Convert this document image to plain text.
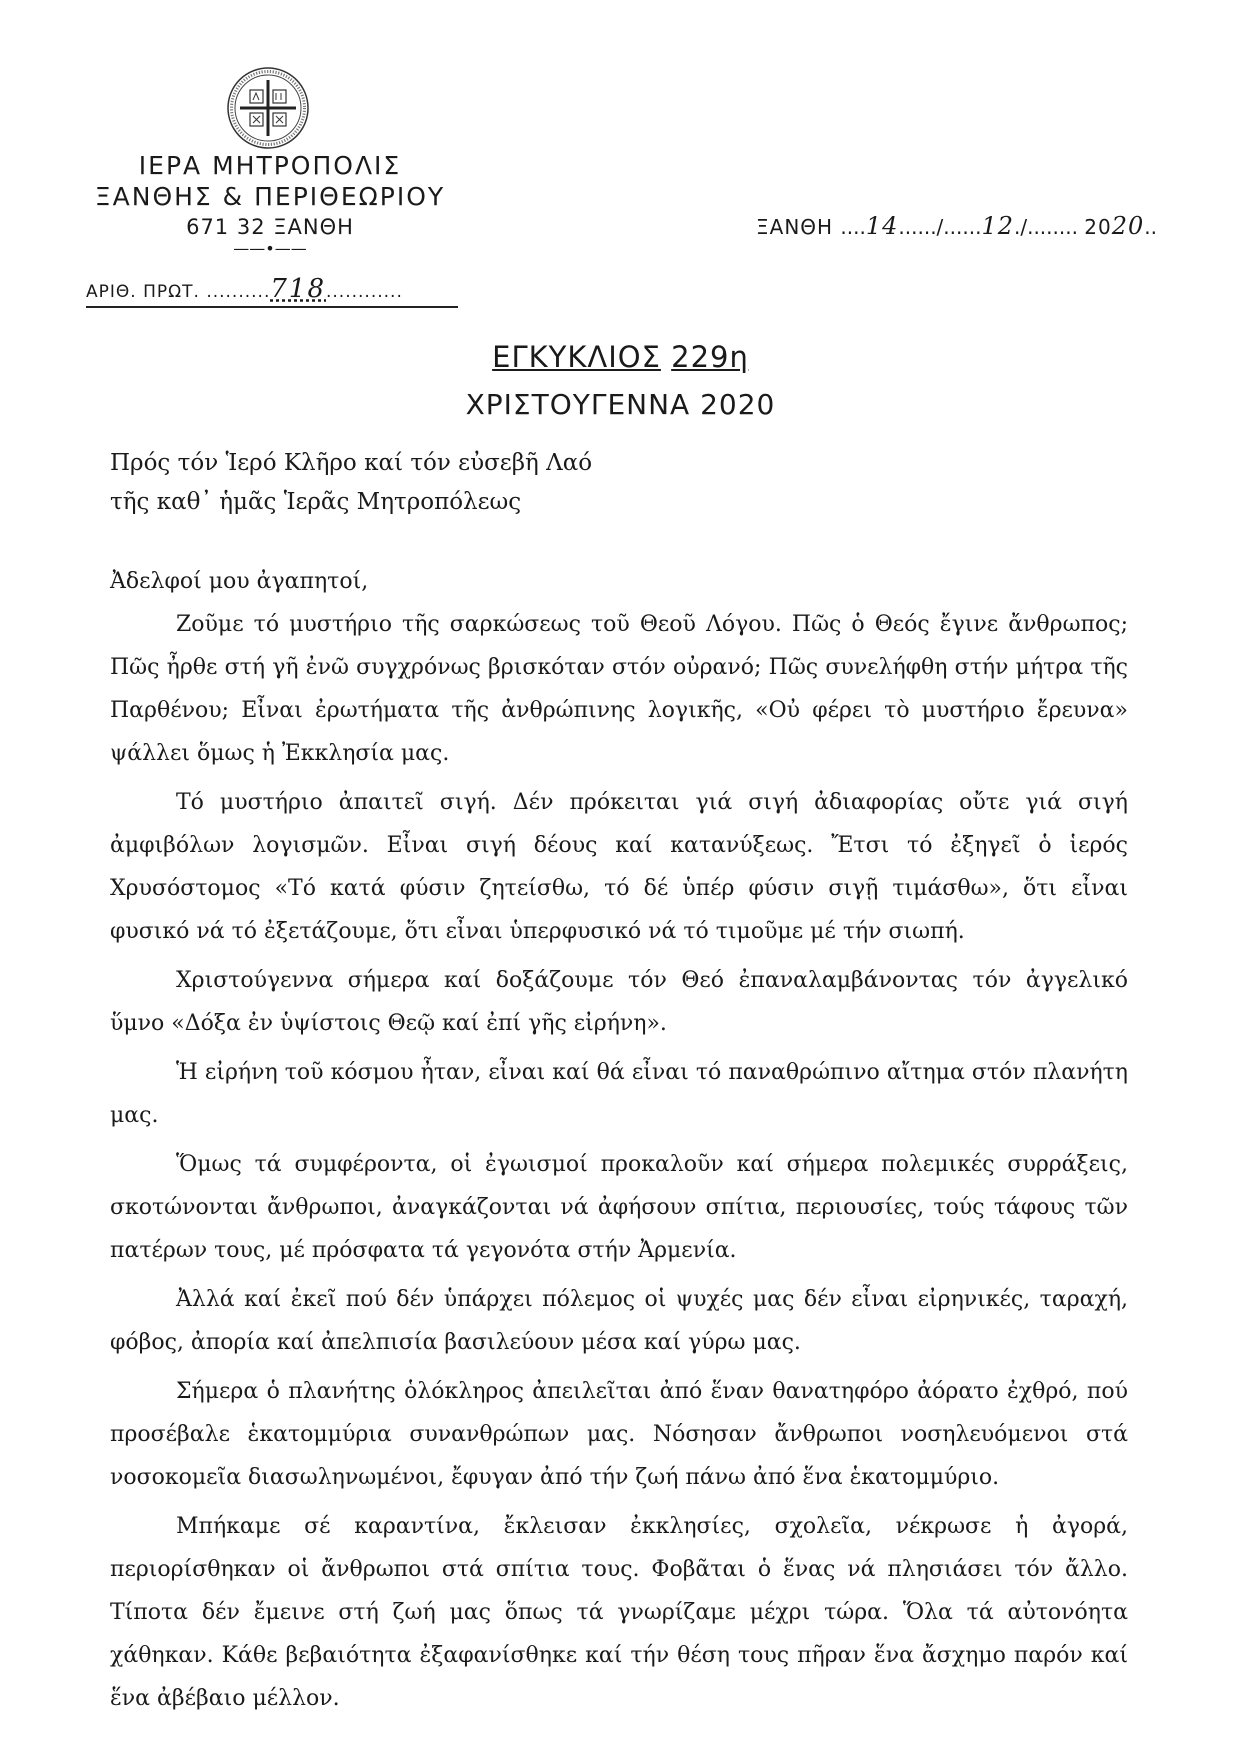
ΙΕΡΑ ΜΗΤΡΟΠΟΛΙΣ
ΞΑΝΘΗΣ & ΠΕΡΙΘΕΩΡΙΟΥ
671 32 ΞΑΝΘΗ
——•——
ΑΡΙΘ. ΠΡΩΤ. ..........718............
ΞΑΝΘΗ ....14....../......12./........ 2020..
ΕΓΚΥΚΛΙΟΣ 229η
ΧΡΙΣΤΟΥΓΕΝΝΑ 2020
Πρός τόν Ἱερό Κλῆρο καί τόν εὐσεβῆ Λαό
τῆς καθ᾽ ἡμᾶς Ἱερᾶς Μητροπόλεως

Ἀδελφοί μου ἀγαπητοί,

Ζοῦμε τό μυστήριο τῆς σαρκώσεως τοῦ Θεοῦ Λόγου. Πῶς ὁ Θεός ἔγινε ἄνθρωπος; Πῶς ἦρθε στή γῆ ἐνῶ συγχρόνως βρισκόταν στόν οὐρανό; Πῶς συνελήφθη στήν μήτρα τῆς Παρθένου; Εἶναι ἐρωτήματα τῆς ἀνθρώπινης λογικῆς, «Οὐ φέρει τὸ μυστήριο ἔρευνα» ψάλλει ὅμως ἡ Ἐκκλησία μας.

Τό μυστήριο ἀπαιτεῖ σιγή. Δέν πρόκειται γιά σιγή ἀδιαφορίας οὔτε γιά σιγή ἀμφιβόλων λογισμῶν. Εἶναι σιγή δέους καί κατανύξεως. Ἔτσι τό ἐξηγεῖ ὁ ἱερός Χρυσόστομος «Τό κατά φύσιν ζητείσθω, τό δέ ὑπέρ φύσιν σιγῇ τιμάσθω», ὅτι εἶναι φυσικό νά τό ἐξετάζουμε, ὅτι εἶναι ὑπερφυσικό νά τό τιμοῦμε μέ τήν σιωπή.

Χριστούγεννα σήμερα καί δοξάζουμε τόν Θεό ἐπαναλαμβάνοντας τόν ἀγγελικό ὕμνο «Δόξα ἐν ὑψίστοις Θεῷ καί ἐπί γῆς εἰρήνη».

Ἡ εἰρήνη τοῦ κόσμου ἦταν, εἶναι καί θά εἶναι τό παναθρώπινο αἴτημα στόν πλανήτη μας.

Ὅμως τά συμφέροντα, οἱ ἐγωισμοί προκαλοῦν καί σήμερα πολεμικές συρράξεις, σκοτώνονται ἄνθρωποι, ἀναγκάζονται νά ἀφήσουν σπίτια, περιουσίες, τούς τάφους τῶν πατέρων τους, μέ πρόσφατα τά γεγονότα στήν Ἀρμενία.

Ἀλλά καί ἐκεῖ πού δέν ὑπάρχει πόλεμος οἱ ψυχές μας δέν εἶναι εἰρηνικές, ταραχή, φόβος, ἀπορία καί ἀπελπισία βασιλεύουν μέσα καί γύρω μας.

Σήμερα ὁ πλανήτης ὁλόκληρος ἀπειλεῖται ἀπό ἕναν θανατηφόρο ἀόρατο ἐχθρό, πού προσέβαλε ἑκατομμύρια συνανθρώπων μας. Νόσησαν ἄνθρωποι νοσηλευόμενοι στά νοσοκομεῖα διασωληνωμένοι, ἔφυγαν ἀπό τήν ζωή πάνω ἀπό ἕνα ἑκατομμύριο.

Μπήκαμε σέ καραντίνα, ἔκλεισαν ἐκκλησίες, σχολεῖα, νέκρωσε ἡ ἀγορά, περιορίσθηκαν οἱ ἄνθρωποι στά σπίτια τους. Φοβᾶται ὁ ἕνας νά πλησιάσει τόν ἄλλο. Τίποτα δέν ἔμεινε στή ζωή μας ὅπως τά γνωρίζαμε μέχρι τώρα. Ὅλα τά αὐτονόητα χάθηκαν. Κάθε βεβαιότητα ἐξαφανίσθηκε καί τήν θέση τους πῆραν ἕνα ἄσχημο παρόν καί ἕνα ἀβέβαιο μέλλον.
